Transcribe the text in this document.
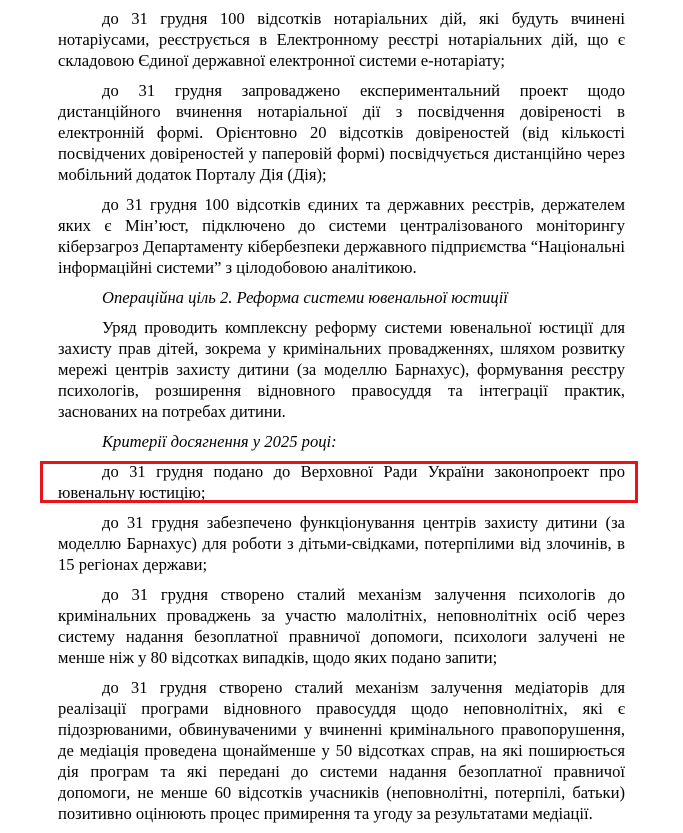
до 31 грудня 100 відсотків нотаріальних дій, які будуть вчинені нотаріусами, реєструється в Електронному реєстрі нотаріальних дій, що є складовою Єдиної державної електронної системи е-нотаріату;

до 31 грудня запроваджено експериментальний проект щодо дистанційного вчинення нотаріальної дії з посвідчення довіреності в електронній формі. Орієнтовно 20 відсотків довіреностей (від кількості посвідчених довіреностей у паперовій формі) посвідчується дистанційно через мобільний додаток Порталу Дія (Дія);

до 31 грудня 100 відсотків єдиних та державних реєстрів, держателем яких є Мін’юст, підключено до системи централізованого моніторингу кіберзагроз Департаменту кібербезпеки державного підприємства “Національні інформаційні системи” з цілодобовою аналітикою.

Операційна ціль 2. Реформа системи ювенальної юстиції

Уряд проводить комплексну реформу системи ювенальної юстиції для захисту прав дітей, зокрема у кримінальних провадженнях, шляхом розвитку мережі центрів захисту дитини (за моделлю Барнахус), формування реєстру психологів, розширення відновного правосуддя та інтеграції практик, заснованих на потребах дитини.

Критерії досягнення у 2025 році:

до 31 грудня подано до Верховної Ради України законопроект про ювенальну юстицію;

до 31 грудня забезпечено функціонування центрів захисту дитини (за моделлю Барнахус) для роботи з дітьми-свідками, потерпілими від злочинів, в 15 регіонах держави;

до 31 грудня створено сталий механізм залучення психологів до кримінальних проваджень за участю малолітніх, неповнолітніх осіб через систему надання безоплатної правничої допомоги, психологи залучені не менше ніж у 80 відсотках випадків, щодо яких подано запити;

до 31 грудня створено сталий механізм залучення медіаторів для реалізації програми відновного правосуддя щодо неповнолітніх, які є підозрюваними, обвинуваченими у вчиненні кримінального правопорушення, де медіація проведена щонайменше у 50 відсотках справ, на які поширюється дія програм та які передані до системи надання безоплатної правничої допомоги, не менше 60 відсотків учасників (неповнолітні, потерпілі, батьки) позитивно оцінюють процес примирення та угоду за результатами медіації.
